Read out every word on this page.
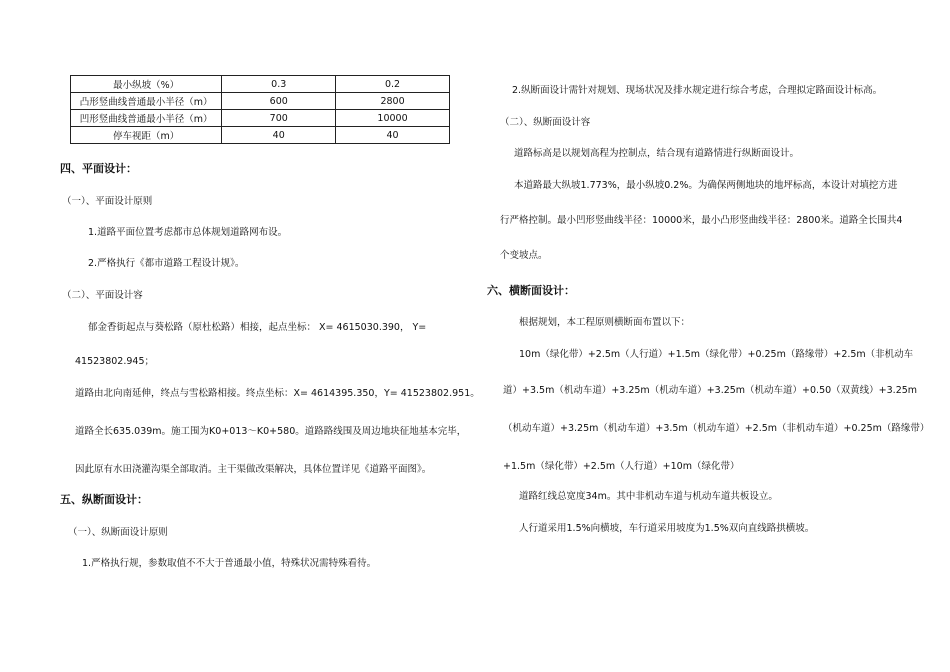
最小纵坡（%）	0.3	0.2
凸形竖曲线普通最小半径（m）	600	2800
凹形竖曲线普通最小半径（m）	700	10000
停车视距（m）	40	40
四、平面设计：
（一）、平面设计原则
1.道路平面位置考虑都市总体规划道路网布设。
2.严格执行《都市道路工程设计规》。
（二）、平面设计容
郁金香街起点与葵松路（原杜松路）相接，起点坐标： X= 4615030.390， Y=
41523802.945；
道路由北向南延伸，终点与雪松路相接。终点坐标：X= 4614395.350，Y= 41523802.951。
道路全长635.039m。施工围为K0+013～K0+580。道路路线围及周边地块征地基本完毕，
因此原有水田浇灌沟渠全部取消。主干渠做改渠解决，具体位置详见《道路平面图》。
五、纵断面设计：
（一）、纵断面设计原则
1.严格执行规，参数取值不不大于普通最小值，特殊状况需特殊看待。
2.纵断面设计需针对规划、现场状况及排水规定进行综合考虑，合理拟定路面设计标高。
（二）、纵断面设计容
道路标高是以规划高程为控制点，结合现有道路情进行纵断面设计。
本道路最大纵坡1.773%，最小纵坡0.2%。为确保两侧地块的地坪标高，本设计对填挖方进
行严格控制。最小凹形竖曲线半径：10000米，最小凸形竖曲线半径：2800米。道路全长围共4
个变坡点。
六、横断面设计：
根据规划，本工程原则横断面布置以下：
10m（绿化带）+2.5m（人行道）+1.5m（绿化带）+0.25m（路缘带）+2.5m（非机动车
道）+3.5m（机动车道）+3.25m（机动车道）+3.25m（机动车道）+0.50（双黄线）+3.25m
（机动车道）+3.25m（机动车道）+3.5m（机动车道）+2.5m（非机动车道）+0.25m（路缘带）
+1.5m（绿化带）+2.5m（人行道）+10m（绿化带）
道路红线总宽度34m。其中非机动车道与机动车道共板设立。
人行道采用1.5%向横坡，车行道采用坡度为1.5%双向直线路拱横坡。
